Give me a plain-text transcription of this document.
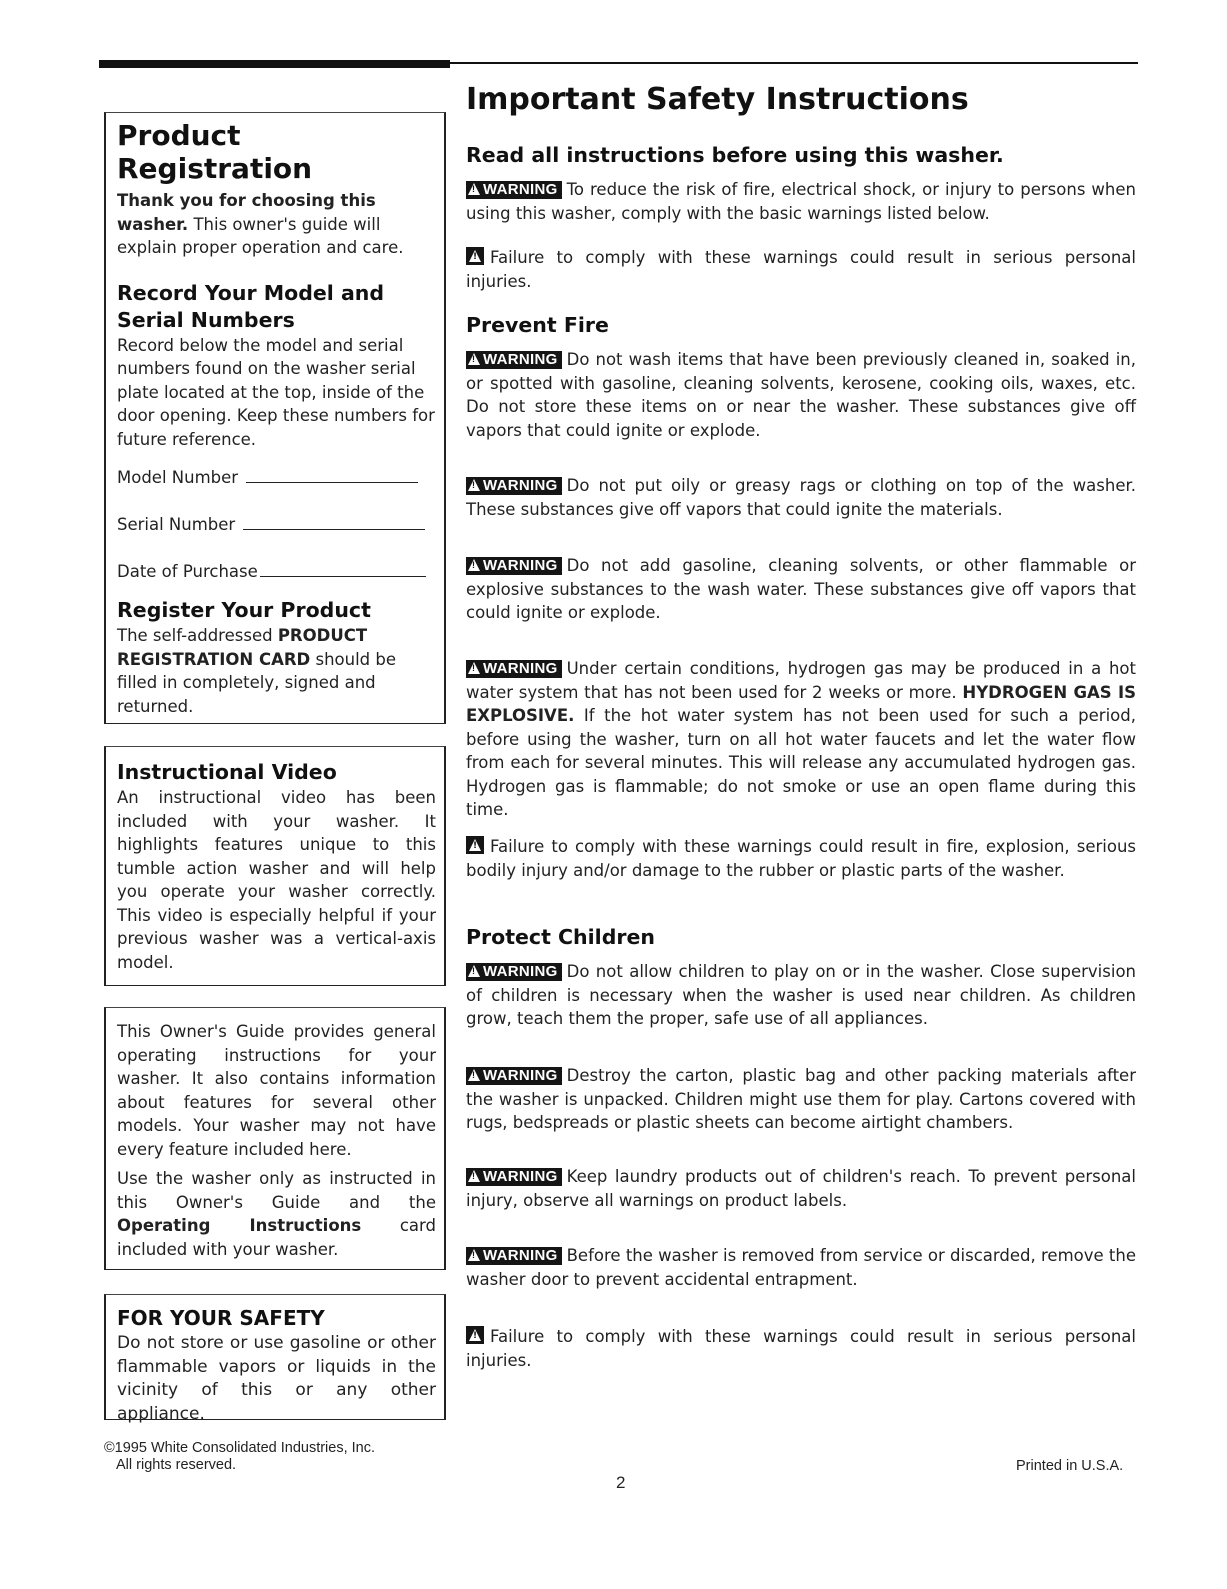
Product Registration

Thank you for choosing this washer. This owner's guide will explain proper operation and care.

Record Your Model and Serial Numbers

Record below the model and serial numbers found on the washer serial plate located at the top, inside of the door opening. Keep these numbers for future reference.

Model Number
Serial Number
Date of Purchase
Register Your Product

The self-addressed PRODUCT REGISTRATION CARD should be filled in completely, signed and returned.

Instructional Video

An instructional video has been included with your washer. It highlights features unique to this tumble action washer and will help you operate your washer correctly. This video is especially helpful if your previous washer was a vertical-axis model.

This Owner's Guide provides general operating instructions for your washer. It also contains information about features for several other models. Your washer may not have every feature included here.

Use the washer only as instructed in this Owner's Guide and the Operating Instructions card included with your washer.

FOR YOUR SAFETY

Do not store or use gasoline or other flammable vapors or liquids in the vicinity of this or any other appliance.

Important Safety Instructions
Read all instructions before using this washer.

!WARNING To reduce the risk of fire, electrical shock, or injury to persons when using this washer, comply with the basic warnings listed below.

!Failure to comply with these warnings could result in serious personal injuries.

Prevent Fire

!WARNING Do not wash items that have been previously cleaned in, soaked in, or spotted with gasoline, cleaning solvents, kerosene, cooking oils, waxes, etc. Do not store these items on or near the washer. These substances give off vapors that could ignite or explode.

!WARNING Do not put oily or greasy rags or clothing on top of the washer. These substances give off vapors that could ignite the materials.

!WARNING Do not add gasoline, cleaning solvents, or other flammable or explosive substances to the wash water. These substances give off vapors that could ignite or explode.

!WARNING Under certain conditions, hydrogen gas may be produced in a hot water system that has not been used for 2 weeks or more. HYDROGEN GAS IS EXPLOSIVE. If the hot water system has not been used for such a period, before using the washer, turn on all hot water faucets and let the water flow from each for several minutes. This will release any accumulated hydrogen gas. Hydrogen gas is flammable; do not smoke or use an open flame during this time.

!Failure to comply with these warnings could result in fire, explosion, serious bodily injury and/or damage to the rubber or plastic parts of the washer.

Protect Children

!WARNING Do not allow children to play on or in the washer. Close supervision of children is necessary when the washer is used near children. As children grow, teach them the proper, safe use of all appliances.

!WARNING Destroy the carton, plastic bag and other packing materials after the washer is unpacked. Children might use them for play. Cartons covered with rugs, bedspreads or plastic sheets can become airtight chambers.

!WARNING Keep laundry products out of children's reach. To prevent personal injury, observe all warnings on product labels.

!WARNING Before the washer is removed from service or discarded, remove the washer door to prevent accidental entrapment.

!Failure to comply with these warnings could result in serious personal injuries.

©1995 White Consolidated Industries, Inc.
All rights reserved.
2
Printed in U.S.A.
